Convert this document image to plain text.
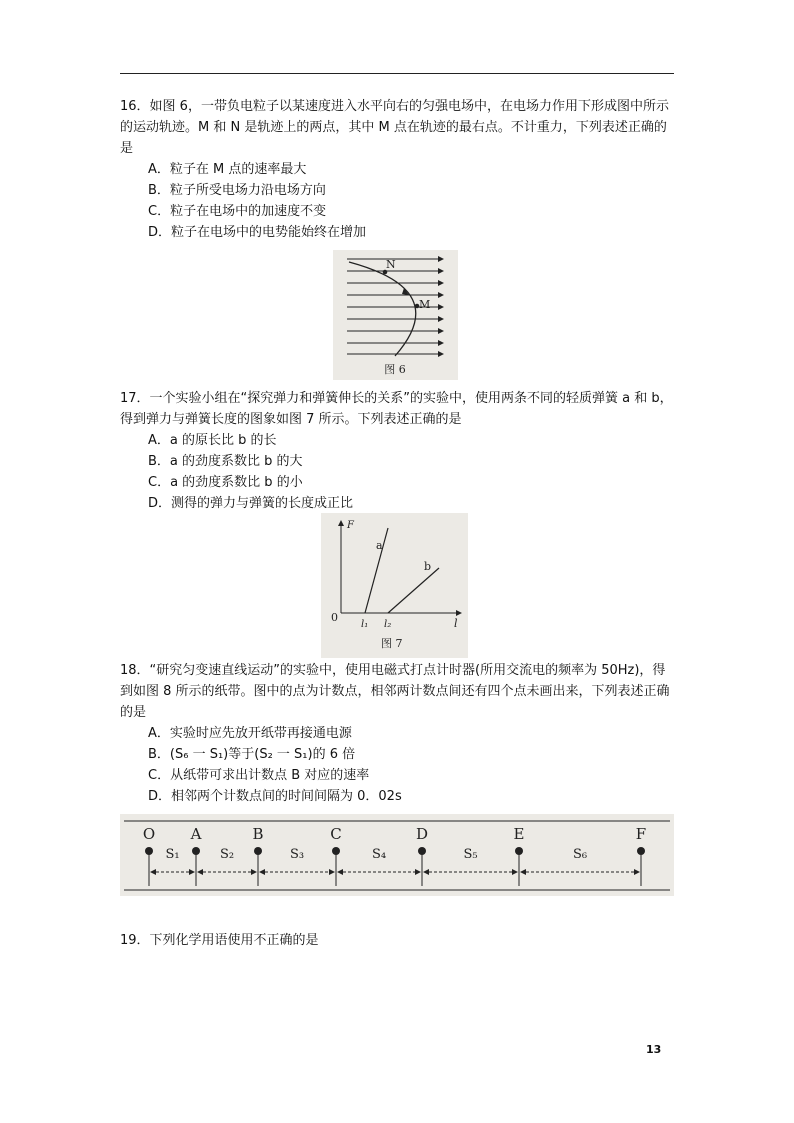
16．如图 6，一带负电粒子以某速度进入水平向右的匀强电场中，在电场力作用下形成图中所示的运动轨迹。M 和 N 是轨迹上的两点，其中 M 点在轨迹的最右点。不计重力，下列表述正确的是
A．粒子在 M 点的速率最大
B．粒子所受电场力沿电场方向
C．粒子在电场中的加速度不变
D．粒子在电场中的电势能始终在增加
N
M
图 6
17．一个实验小组在“探究弹力和弹簧伸长的关系”的实验中，使用两条不同的轻质弹簧 a 和 b，得到弹力与弹簧长度的图象如图 7 所示。下列表述正确的是
A．a 的原长比 b 的长
B．a 的劲度系数比 b 的大
C．a 的劲度系数比 b 的小
D．测得的弹力与弹簧的长度成正比
F
l
0
a
b
l₁ l₂
图 7
18．“研究匀变速直线运动”的实验中，使用电磁式打点计时器(所用交流电的频率为 50Hz)，得到如图 8 所示的纸带。图中的点为计数点，相邻两计数点间还有四个点未画出来，下列表述正确的是
A．实验时应先放开纸带再接通电源
B．(S₆ 一 S₁)等于(S₂ 一 S₁)的 6 倍
C．从纸带可求出计数点 B 对应的速率
D．相邻两个计数点间的时间间隔为 0．02s
O A	B	C	D	E	F
S₁	S₂	S₃	S₄	S₅	S₆
19．下列化学用语使用不正确的是
13
